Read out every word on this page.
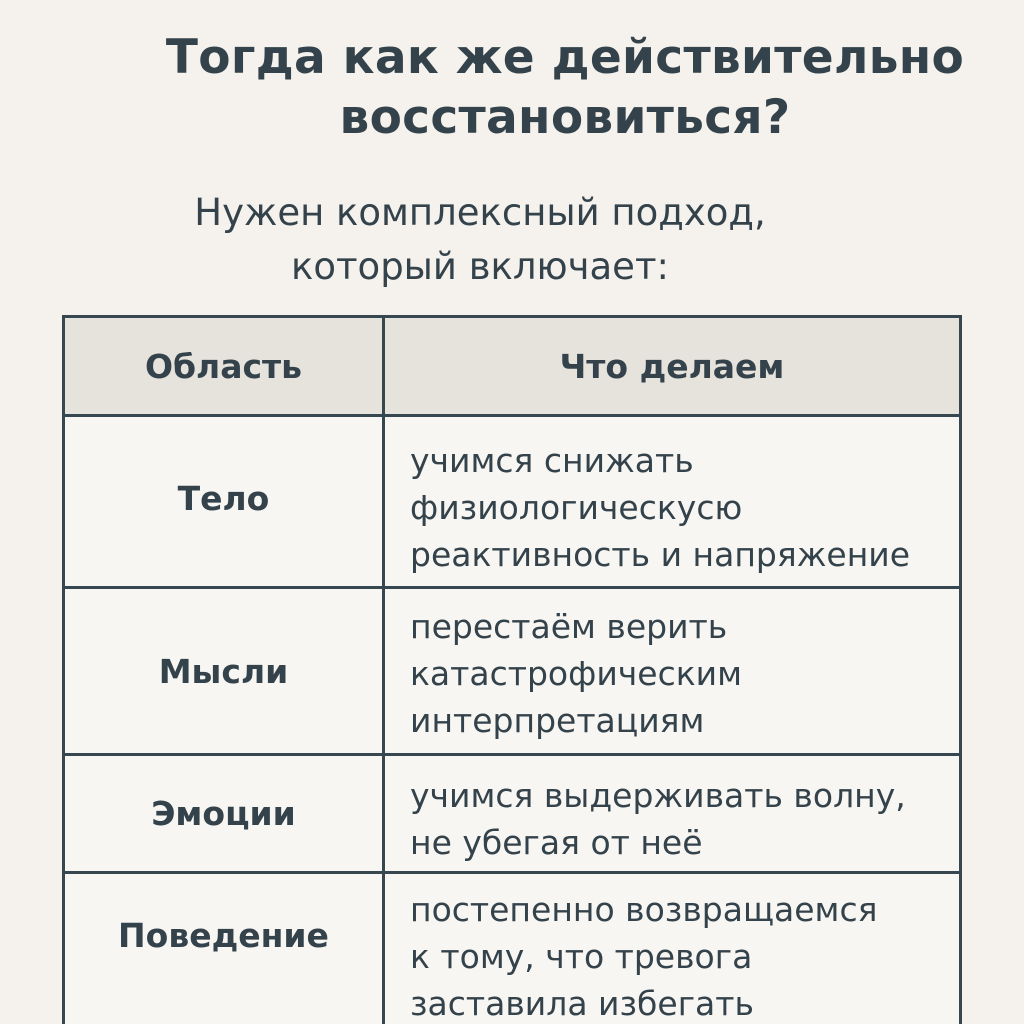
Тогда как же действительно
восстановиться?
Нужен комплексный подход,
который включает:
Область	Что делаем
Тело
учимся снижать
физиологическусю
реактивность и напряжение
Мысли
перестаём верить
катастрофическим
интерпретациям
Эмоции	учимся выдерживать волну,
не убегая от неё
Поведение
постепенно возвращаемся
к тому, что тревога
заставила избегать
